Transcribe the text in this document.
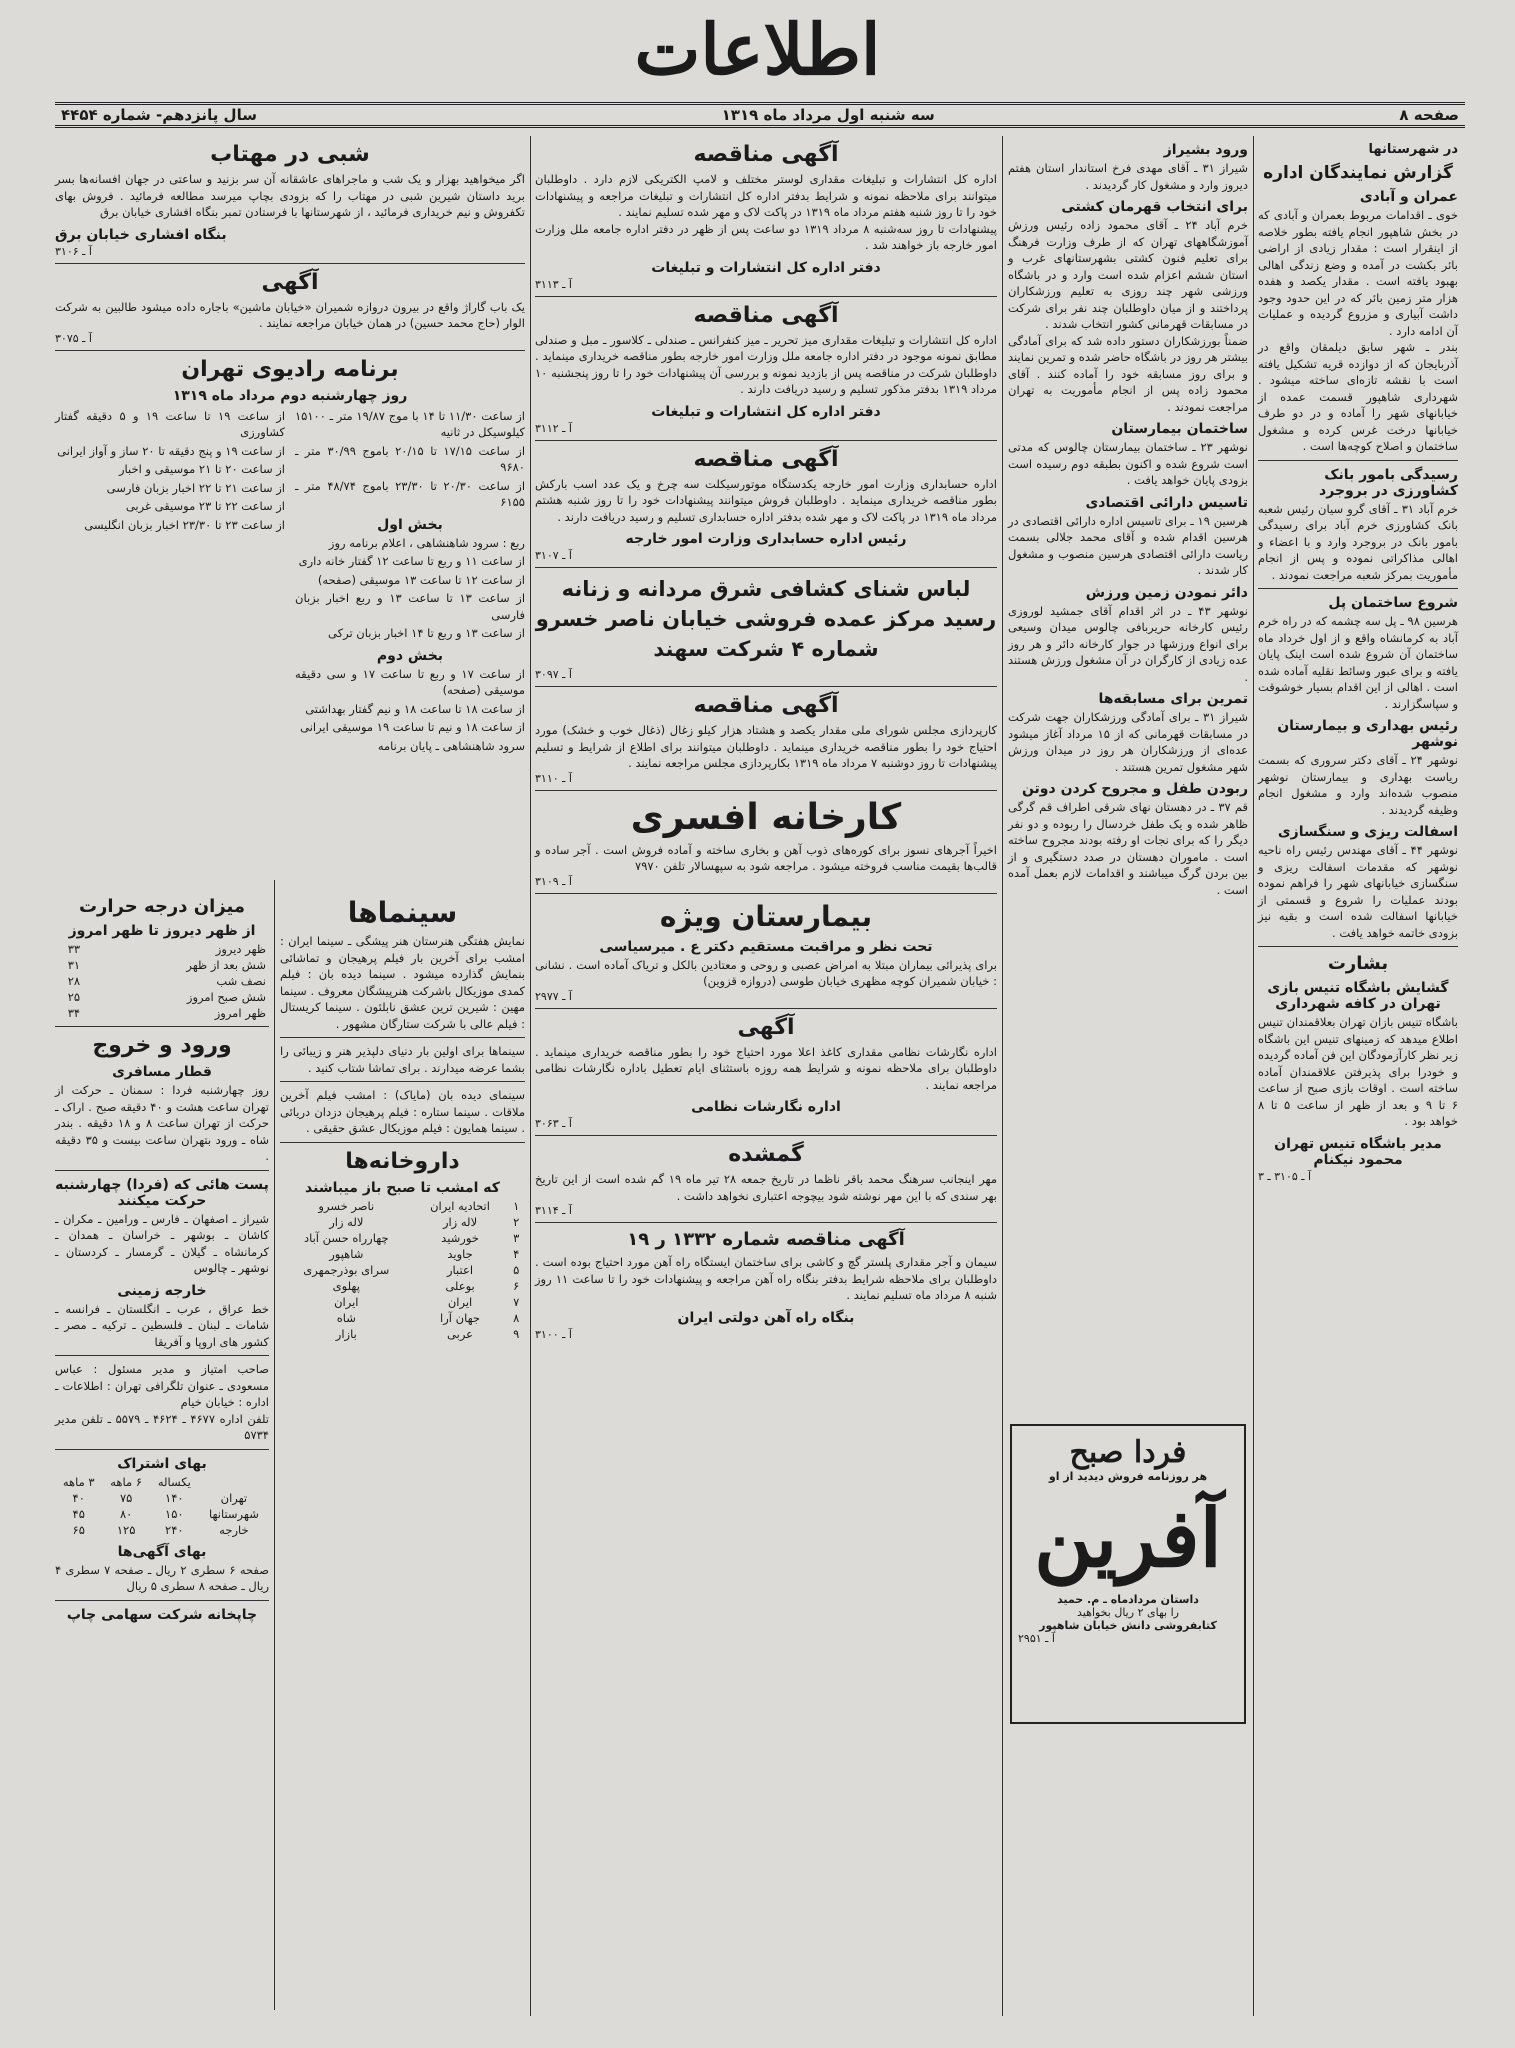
اطلاعات
صفحه ۸
سه شنبه اول مرداد ماه ۱۳۱۹
سال پانزدهم- شماره ۴۴۵۴
در شهرستانها
گزارش نمایندگان اداره
عمران و آبادی

خوی ـ اقدامات مربوط بعمران و آبادی که در بخش شاهپور انجام یافته بطور خلاصه از اینقرار است : مقدار زیادی از اراضی بائر بکشت در آمده و وضع زندگی اهالی بهبود یافته است . مقدار یکصد و هفده هزار متر زمین بائر که در این حدود وجود داشت آبیاری و مزروع گردیده و عملیات آن ادامه دارد .

بندر ـ شهر سابق دیلمقان واقع در آذربایجان که از دوازده قریه تشکیل یافته است با نقشه تازه‌ای ساخته میشود . شهرداری شاهپور قسمت عمده از خیابانهای شهر را آماده و در دو طرف خیابانها درخت غرس کرده و مشغول ساختمان و اصلاح کوچه‌ها است .

رسیدگی بامور بانک کشاورزی در بروجرد

خرم آباد ۳۱ ـ آقای گرو سیان رئیس شعبه بانک کشاورزی خرم آباد برای رسیدگی بامور بانک در بروجرد وارد و با اعضاء و اهالی مذاکراتی نموده و پس از انجام مأموریت بمرکز شعبه مراجعت نمودند .

شروع ساختمان پل

هرسین ۹۸ ـ پل سه چشمه که در راه خرم آباد به کرمانشاه واقع و از اول خرداد ماه ساختمان آن شروع شده است اینک پایان یافته و برای عبور وسائط نقلیه آماده شده است . اهالی از این اقدام بسیار خوشوقت و سپاسگزارند .

رئیس بهداری و بیمارستان نوشهر

نوشهر ۲۴ ـ آقای دکتر سروری که بسمت ریاست بهداری و بیمارستان نوشهر منصوب شده‌اند وارد و مشغول انجام وظیفه گردیدند .

اسفالت ریزی و سنگسازی

نوشهر ۴۴ ـ آقای مهندس رئیس راه ناحیه نوشهر که مقدمات اسفالت ریزی و سنگسازی خیابانهای شهر را فراهم نموده بودند عملیات را شروع و قسمتی از خیابانها اسفالت شده است و بقیه نیز بزودی خاتمه خواهد یافت .

بشارت
گشایش باشگاه تنیس بازی تهران در کافه شهرداری

باشگاه تنیس بازان تهران بعلاقمندان تنیس اطلاع میدهد که زمینهای تنیس این باشگاه زیر نظر کارآزمودگان این فن آماده گردیده و خودرا برای پذیرفتن علاقمندان آماده ساخته است . اوقات بازی صبح از ساعت ۶ تا ۹ و بعد از ظهر از ساعت ۵ تا ۸ خواهد بود .

مدیر باشگاه تنیس تهران محمود نیکنام
آ ـ ۳۱۰۵ ـ ۳
ورود بشیراز

شیراز ۳۱ ـ آقای مهدی فرخ استاندار استان هفتم دیروز وارد و مشغول کار گردیدند .

برای انتخاب قهرمان کشتی

خرم آباد ۲۴ ـ آقای محمود زاده رئیس ورزش آموزشگاههای تهران که از طرف وزارت فرهنگ برای تعلیم فنون کشتی بشهرستانهای غرب و استان ششم اعزام شده است وارد و در باشگاه ورزشی شهر چند روزی به تعلیم ورزشکاران پرداختند و از میان داوطلبان چند نفر برای شرکت در مسابقات قهرمانی کشور انتخاب شدند .

ضمناً بورزشکاران دستور داده شد که برای آمادگی بیشتر هر روز در باشگاه حاضر شده و تمرین نمایند و برای روز مسابقه خود را آماده کنند . آقای محمود زاده پس از انجام مأموریت به تهران مراجعت نمودند .

ساختمان بیمارستان

نوشهر ۲۳ ـ ساختمان بیمارستان چالوس که مدتی است شروع شده و اکنون بطبقه دوم رسیده است بزودی پایان خواهد یافت .

تاسیس دارائی اقتصادی

هرسین ۱۹ ـ برای تاسیس اداره دارائی اقتصادی در هرسین اقدام شده و آقای محمد جلالی بسمت ریاست دارائی اقتصادی هرسین منصوب و مشغول کار شدند .

دائر نمودن زمین ورزش

نوشهر ۴۳ ـ در اثر اقدام آقای جمشید لوروزی رئیس کارخانه حریربافی چالوس میدان وسیعی برای انواع ورزشها در جوار کارخانه دائر و هر روز عده زیادی از کارگران در آن مشغول ورزش هستند .

تمرین برای مسابقه‌ها

شیراز ۳۱ ـ برای آمادگی ورزشکاران جهت شرکت در مسابقات قهرمانی که از ۱۵ مرداد آغاز میشود عده‌ای از ورزشکاران هر روز در میدان ورزش شهر مشغول تمرین هستند .

ربودن طفل و مجروح کردن دوتن

قم ۳۷ ـ در دهستان نهای شرقی اطراف قم گرگی ظاهر شده و یک طفل خردسال را ربوده و دو نفر دیگر را که برای نجات او رفته بودند مجروح ساخته است . ماموران دهستان در صدد دستگیری و از بین بردن گرگ میباشند و اقدامات لازم بعمل آمده است .

فردا صبح
هر روزنامه فروش دیدید از او
آفرین
داستان مردادماه ـ م. حمید
را بهای ۲ ریال بخواهید
کتابفروشی دانش خیابان شاهپور
آ ـ ۲۹۵۱
آگهی مناقصه

اداره کل انتشارات و تبلیغات مقداری لوستر مختلف و لامپ الکتریکی لازم دارد . داوطلبان میتوانند برای ملاحظه نمونه و شرایط بدفتر اداره کل انتشارات و تبلیغات مراجعه و پیشنهادات خود را تا روز شنبه هفتم مرداد ماه ۱۳۱۹ در پاکت لاک و مهر شده تسلیم نمایند .

پیشنهادات تا روز سه‌شنبه ۸ مرداد ۱۳۱۹ دو ساعت پس از ظهر در دفتر اداره جامعه ملل وزارت امور خارجه باز خواهند شد .

دفتر اداره کل انتشارات و تبلیغات
آ ـ ۳۱۱۳
آگهی مناقصه

اداره کل انتشارات و تبلیغات مقداری میز تحریر ـ میز کنفرانس ـ صندلی ـ کلاسور ـ مبل و صندلی مطابق نمونه موجود در دفتر اداره جامعه ملل وزارت امور خارجه بطور مناقصه خریداری مینماید . داوطلبان شرکت در مناقصه پس از بازدید نمونه و بررسی آن پیشنهادات خود را تا روز پنجشنبه ۱۰ مرداد ۱۳۱۹ بدفتر مذکور تسلیم و رسید دریافت دارند .

دفتر اداره کل انتشارات و تبلیغات
آ ـ ۳۱۱۲
آگهی مناقصه

اداره حسابداری وزارت امور خارجه یکدستگاه موتورسیکلت سه چرخ و یک عدد اسب بارکش بطور مناقصه خریداری مینماید . داوطلبان فروش میتوانند پیشنهادات خود را تا روز شنبه هشتم مرداد ماه ۱۳۱۹ در پاکت لاک و مهر شده بدفتر اداره حسابداری تسلیم و رسید دریافت دارند .

رئیس اداره حسابداری وزارت امور خارجه
آ ـ ۳۱۰۷
لباس شنای کشافی شرق مردانه و زنانه رسید مرکز عمده فروشی خیابان ناصر خسرو شماره ۴ شرکت سهند
آ ـ ۳۰۹۷
آگهی مناقصه

کارپردازی مجلس شورای ملی مقدار یکصد و هشتاد هزار کیلو زغال (ذغال خوب و خشک) مورد احتیاج خود را بطور مناقصه خریداری مینماید . داوطلبان میتوانند برای اطلاع از شرایط و تسلیم پیشنهادات تا روز دوشنبه ۷ مرداد ماه ۱۳۱۹ بکارپردازی مجلس مراجعه نمایند .

آ ـ ۳۱۱۰
کارخانه افسری

اخیراً آجرهای نسوز برای کوره‌های ذوب آهن و بخاری ساخته و آماده فروش است . آجر ساده و قالب‌ها بقیمت مناسب فروخته میشود . مراجعه شود به سپهسالار تلفن ۷۹۷۰

آ ـ ۳۱۰۹
بیمارستان ویژه
تحت نظر و مراقبت مستقیم دکتر ع . میرسیاسی

برای پذیرائی بیماران مبتلا به امراض عصبی و روحی و معتادین بالکل و تریاک آماده است . نشانی : خیابان شمیران کوچه مظهری خیابان طوسی (دروازه قزوین)

آ ـ ۲۹۷۷
آگهی

اداره نگارشات نظامی مقداری کاغذ اعلا مورد احتیاج خود را بطور مناقصه خریداری مینماید . داوطلبان برای ملاحظه نمونه و شرایط همه روزه باستثنای ایام تعطیل باداره نگارشات نظامی مراجعه نمایند .

اداره نگارشات نظامی
آ ـ ۳۰۶۳
گمشده

مهر اینجانب سرهنگ محمد باقر ناظما در تاریخ جمعه ۲۸ تیر ماه ۱۹ گم شده است از این تاریخ بهر سندی که با این مهر نوشته شود بیچوجه اعتباری نخواهد داشت .

آ ـ ۳۱۱۴
آگهی مناقصه شماره ۱۳۳۲ ر ۱۹

سیمان و آجر مقداری پلستر گچ و کاشی برای ساختمان ایستگاه راه آهن مورد احتیاج بوده است . داوطلبان برای ملاحظه شرایط بدفتر بنگاه راه آهن مراجعه و پیشنهادات خود را تا ساعت ۱۱ روز شنبه ۸ مرداد ماه تسلیم نمایند .

بنگاه راه آهن دولتی ایران
آ ـ ۳۱۰۰
شبی در مهتاب

اگر میخواهید بهزار و یک شب و ماجراهای عاشقانه آن سر بزنید و ساعتی در جهان افسانه‌ها بسر برید داستان شیرین شبی در مهتاب را که بزودی بچاپ میرسد مطالعه فرمائید . فروش بهای تکفروش و نیم خریداری فرمائید ، از شهرستانها با فرستادن تمبر بنگاه افشاری خیابان برق

بنگاه افشاری خیابان برق
آ ـ ۳۱۰۶
آگهی

یک باب گاراژ واقع در بیرون دروازه شمیران «خیابان ماشین» باجاره داده میشود طالبین به شرکت الوار (حاج محمد حسین) در همان خیابان مراجعه نمایند .

آ ـ ۳۰۷۵
برنامه رادیوی تهران
روز چهارشنبه دوم مرداد ماه ۱۳۱۹

از ساعت ۱۱/۳۰ تا ۱۴ با موج ۱۹/۸۷ متر ـ ۱۵۱۰۰ کیلوسیکل در ثانیه

از ساعت ۱۷/۱۵ تا ۲۰/۱۵ باموج ۳۰/۹۹ متر ـ ۹۶۸۰

از ساعت ۲۰/۳۰ تا ۲۳/۳۰ باموج ۴۸/۷۴ متر ـ ۶۱۵۵

بخش اول

ربع : سرود شاهنشاهی ، اعلام برنامه روز

از ساعت ۱۱ و ربع تا ساعت ۱۲ گفتار خانه داری

از ساعت ۱۲ تا ساعت ۱۳ موسیقی (صفحه)

از ساعت ۱۳ تا ساعت ۱۳ و ربع اخبار بزبان فارسی

از ساعت ۱۳ و ربع تا ۱۴ اخبار بزبان ترکی

بخش دوم

از ساعت ۱۷ و ربع تا ساعت ۱۷ و سی دقیقه موسیقی (صفحه)

از ساعت ۱۸ تا ساعت ۱۸ و نیم گفتار بهداشتی

از ساعت ۱۸ و نیم تا ساعت ۱۹ موسیقی ایرانی

سرود شاهنشاهی ـ پایان برنامه

از ساعت ۱۹ تا ساعت ۱۹ و ۵ دقیقه گفتار کشاورزی

از ساعت ۱۹ و پنج دقیقه تا ۲۰ ساز و آواز ایرانی

از ساعت ۲۰ تا ۲۱ موسیقی و اخبار

از ساعت ۲۱ تا ۲۲ اخبار بزبان فارسی

از ساعت ۲۲ تا ۲۳ موسیقی غربی

از ساعت ۲۳ تا ۲۳/۳۰ اخبار بزبان انگلیسی

سینماها

نمایش هفتگی هنرستان هنر پیشگی ـ سینما ایران : امشب برای آخرین بار فیلم پرهیجان و تماشائی بنمایش گذارده میشود . سینما دیده بان : فیلم کمدی موزیکال باشرکت هنرپیشگان معروف . سینما مهین : شیرین ترین عشق نابلئون . سینما کریستال : فیلم عالی با شرکت ستارگان مشهور .

سینماها برای اولین بار دنیای دلپذیر هنر و زیبائی را بشما عرضه میدارند . برای تماشا شتاب کنید .

سینمای دیده بان (مایاک) : امشب فیلم آخرین ملاقات . سینما ستاره : فیلم پرهیجان دزدان دریائی . سینما همایون : فیلم موزیکال عشق حقیقی .

داروخانه‌ها
که امشب تا صبح باز میباشند
۱	اتحادیه ایران	ناصر خسرو
۲	لاله زار	لاله زار
۳	خورشید	چهارراه حسن آباد
۴	جاوید	شاهپور
۵	اعتبار	سرای بوذرجمهری
۶	بوعلی	پهلوی
۷	ایران	ایران
۸	جهان آرا	شاه
۹	عربی	بازار
میزان درجه حرارت
از ظهر دیروز تا ظهر امروز
ظهر دیروز	۳۳
شش بعد از ظهر	۳۱
نصف شب	۲۸
شش صبح امروز	۲۵
ظهر امروز	۳۴
ورود و خروج
قطار مسافری

روز چهارشنبه فردا : سمنان ـ حرکت از تهران ساعت هشت و ۴۰ دقیقه صبح . اراک ـ حرکت از تهران ساعت ۸ و ۱۸ دقیقه . بندر شاه ـ ورود بتهران ساعت بیست و ۳۵ دقیقه .

پست هائی که (فردا) چهارشنبه حرکت میکنند

شیراز ـ اصفهان ـ فارس ـ ورامین ـ مکران ـ کاشان ـ بوشهر ـ خراسان ـ همدان ـ کرمانشاه ـ گیلان ـ گرمسار ـ کردستان ـ نوشهر ـ چالوس

خارجه زمینی

خط عراق ، عرب ـ انگلستان ـ فرانسه ـ شامات ـ لبنان ـ فلسطین ـ ترکیه ـ مصر ـ کشور های اروپا و آفریقا

صاحب امتیاز و مدیر مسئول : عباس مسعودی ـ عنوان تلگرافی تهران : اطلاعات ـ اداره : خیابان خیام

تلفن اداره ۴۶۷۷ ـ ۴۶۲۴ ـ ۵۵۷۹ ـ تلفن مدیر ۵۷۳۴

بهای اشتراک
	یکساله	۶ ماهه	۳ ماهه
تهران	۱۴۰	۷۵	۴۰
شهرستانها	۱۵۰	۸۰	۴۵
خارجه	۲۴۰	۱۲۵	۶۵
بهای آگهی‌ها

صفحه ۶ سطری ۲ ریال ـ صفحه ۷ سطری ۴ ریال ـ صفحه ۸ سطری ۵ ریال

چاپخانه شرکت سهامی چاپ
